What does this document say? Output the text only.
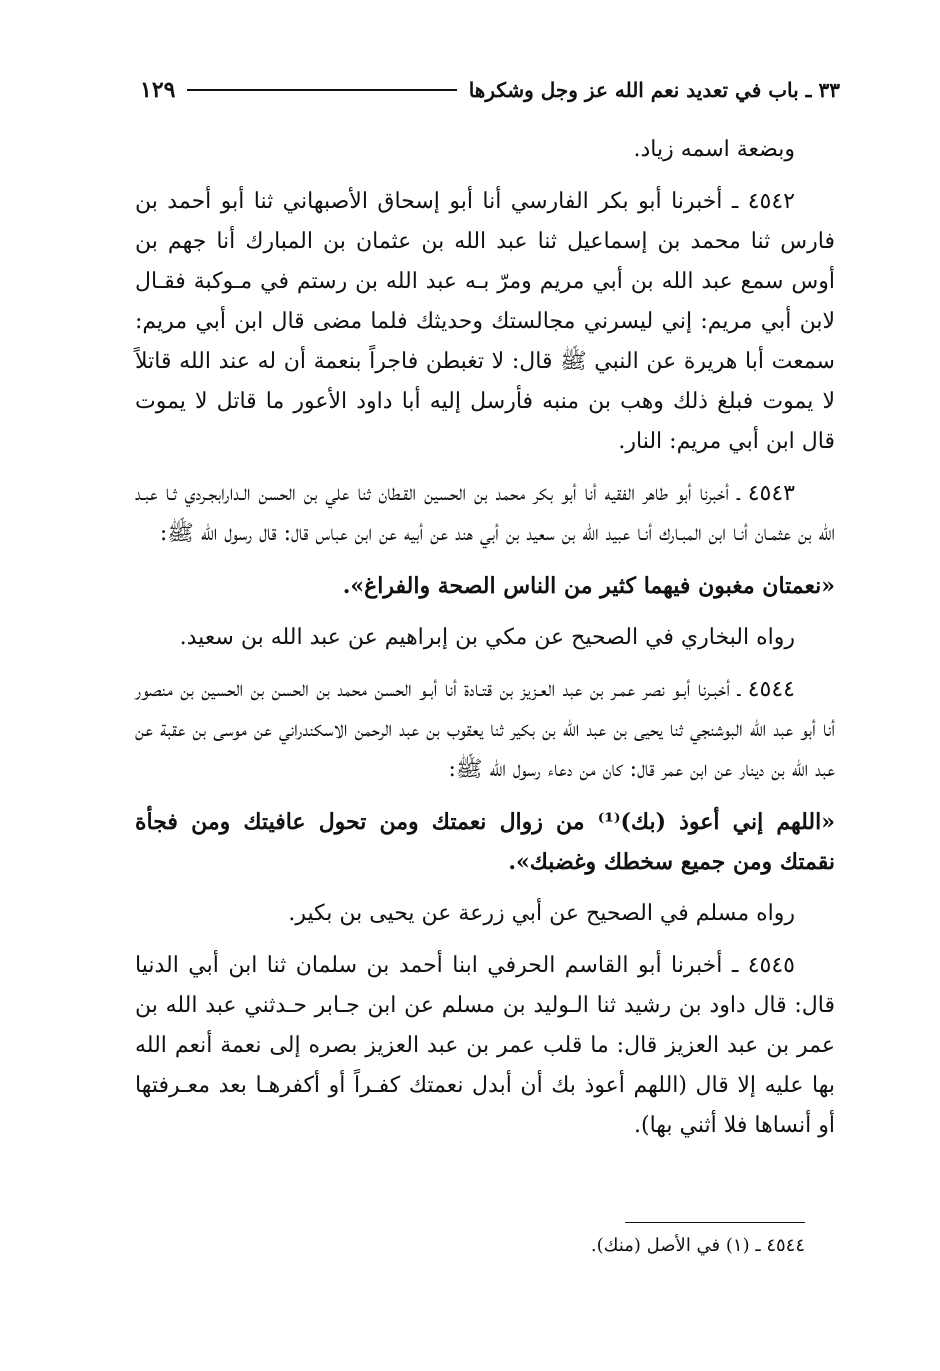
٣٣ ـ باب في تعديد نعم الله عز وجل وشكرها
١٢٩

وبضعة اسمه زياد.

٤٥٤٢ ـ أخبرنا أبو بكر الفارسي أنا أبو إسحاق الأصبهاني ثنا أبو أحمد بن فارس ثنا محمد بن إسماعيل ثنا عبد الله بن عثمان بن المبارك أنا جهم بن أوس سمع عبد الله بن أبي مريم ومرّ بـه عبد الله بن رستم في مـوكبة فقـال لابن أبي مريم: إني ليسرني مجالستك وحديثك فلما مضى قال ابن أبي مريم: سمعت أبا هريرة عن النبي ﷺ قال: لا تغبطن فاجراً بنعمة أن له عند الله قاتلاً لا يموت فبلغ ذلك وهب بن منبه فأرسل إليه أبا داود الأعور ما قاتل لا يموت قال ابن أبي مريم: النار.

٤٥٤٣ ـ أخبرنا أبو طاهر الفقيه أنا أبو بكر محمد بن الحسين القـطان ثنا علي بن الحسن الـدارابجـردي ثـا عبـد الله بن عثمـان أنـا ابن المبـارك أنـا عبيد الله بن سعيد بن أبي هند عن أبيه عن ابن عباس قال: قال رسول الله ﷺ:

«نعمتان مغبون فيهما كثير من الناس الصحة والفراغ».

رواه البخاري في الصحيح عن مكي بن إبراهيم عن عبد الله بن سعيد.

٤٥٤٤ ـ أخبـرنا أبـو نصر عمـر بن عبد العـزيز بن قتـادة أنا أبـو الحسن محمد بن الحسن بن الحسين بن منصور أنا أبو عبد الله البوشنجي ثنا يحيى بن عبد الله بن بكير ثنا يعقوب بن عبد الرحمن الاسكندراني عن موسى بن عقبة عن عبد الله بن دينار عن ابن عمر قال: كان من دعاء رسول الله ﷺ:

«اللهم إني أعوذ (بك)⁽¹⁾ من زوال نعمتك ومن تحول عافيتك ومن فجأة نقمتك ومن جميع سخطك وغضبك».

رواه مسلم في الصحيح عن أبي زرعة عن يحيى بن بكير.

٤٥٤٥ ـ أخبرنا أبو القاسم الحرفي ابنا أحمد بن سلمان ثنا ابن أبي الدنيا قال: قال داود بن رشيد ثنا الـوليد بن مسلم عن ابن جـابر حـدثني عبد الله بن عمر بن عبد العزيز قال: ما قلب عمر بن عبد العزيز بصره إلى نعمة أنعم الله بها عليه إلا قال (اللهم أعوذ بك أن أبدل نعمتك كفـراً أو أكفرهـا بعد معـرفتها أو أنساها فلا أثني بها).

٤٥٤٤ ـ (١) في الأصل (منك).
